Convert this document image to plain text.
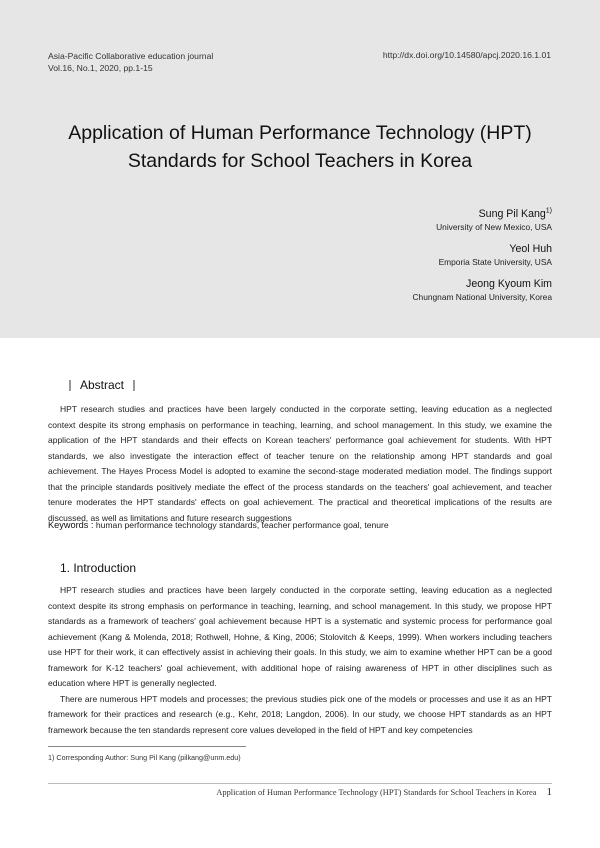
Asia-Pacific Collaborative education journal
Vol.16, No.1, 2020, pp.1-15
http://dx.doi.org/10.14580/apcj.2020.16.1.01
Application of Human Performance Technology (HPT)
Standards for School Teachers in Korea
Sung Pil Kang$^{1)}$
University of New Mexico, USA
Yeol Huh
Emporia State University, USA
Jeong Kyoum Kim
Chungnam National University, Korea
Abstract

HPT research studies and practices have been largely conducted in the corporate setting, leaving education as a neglected context despite its strong emphasis on performance in teaching, learning, and school management. In this study, we examine the application of the HPT standards and their effects on Korean teachers' performance goal achievement for students. With HPT standards, we also investigate the interaction effect of teacher tenure on the relationship among HPT standards and goal achievement. The Hayes Process Model is adopted to examine the second-stage moderated mediation model. The findings support that the principle standards positively mediate the effect of the process standards on the teachers' goal achievement, and teacher tenure moderates the HPT standards' effects on goal achievement. The practical and theoretical implications of the results are discussed, as well as limitations and future research suggestions

Keywords : human performance technology standards, teacher performance goal, tenure
1. Introduction

HPT research studies and practices have been largely conducted in the corporate setting, leaving education as a neglected context despite its strong emphasis on performance in teaching, learning, and school management. In this study, we propose HPT standards as a framework of teachers' goal achievement because HPT is a systematic and systemic process for performance goal achievement (Kang & Molenda, 2018; Rothwell, Hohne, & King, 2006; Stolovitch & Keeps, 1999). When workers including teachers use HPT for their work, it can effectively assist in achieving their goals. In this study, we aim to examine whether HPT can be a good framework for K-12 teachers' goal achievement, with additional hope of raising awareness of HPT in other disciplines such as education where HPT is generally neglected.

There are numerous HPT models and processes; the previous studies pick one of the models or processes and use it as an HPT framework for their practices and research (e.g., Kehr, 2018; Langdon, 2006). In our study, we choose HPT standards as an HPT framework because the ten standards represent core values developed in the field of HPT and key competencies

1) Corresponding Author: Sung Pil Kang (pilkang@unm.edu)
Application of Human Performance Technology (HPT) Standards for School Teachers in Korea 1
